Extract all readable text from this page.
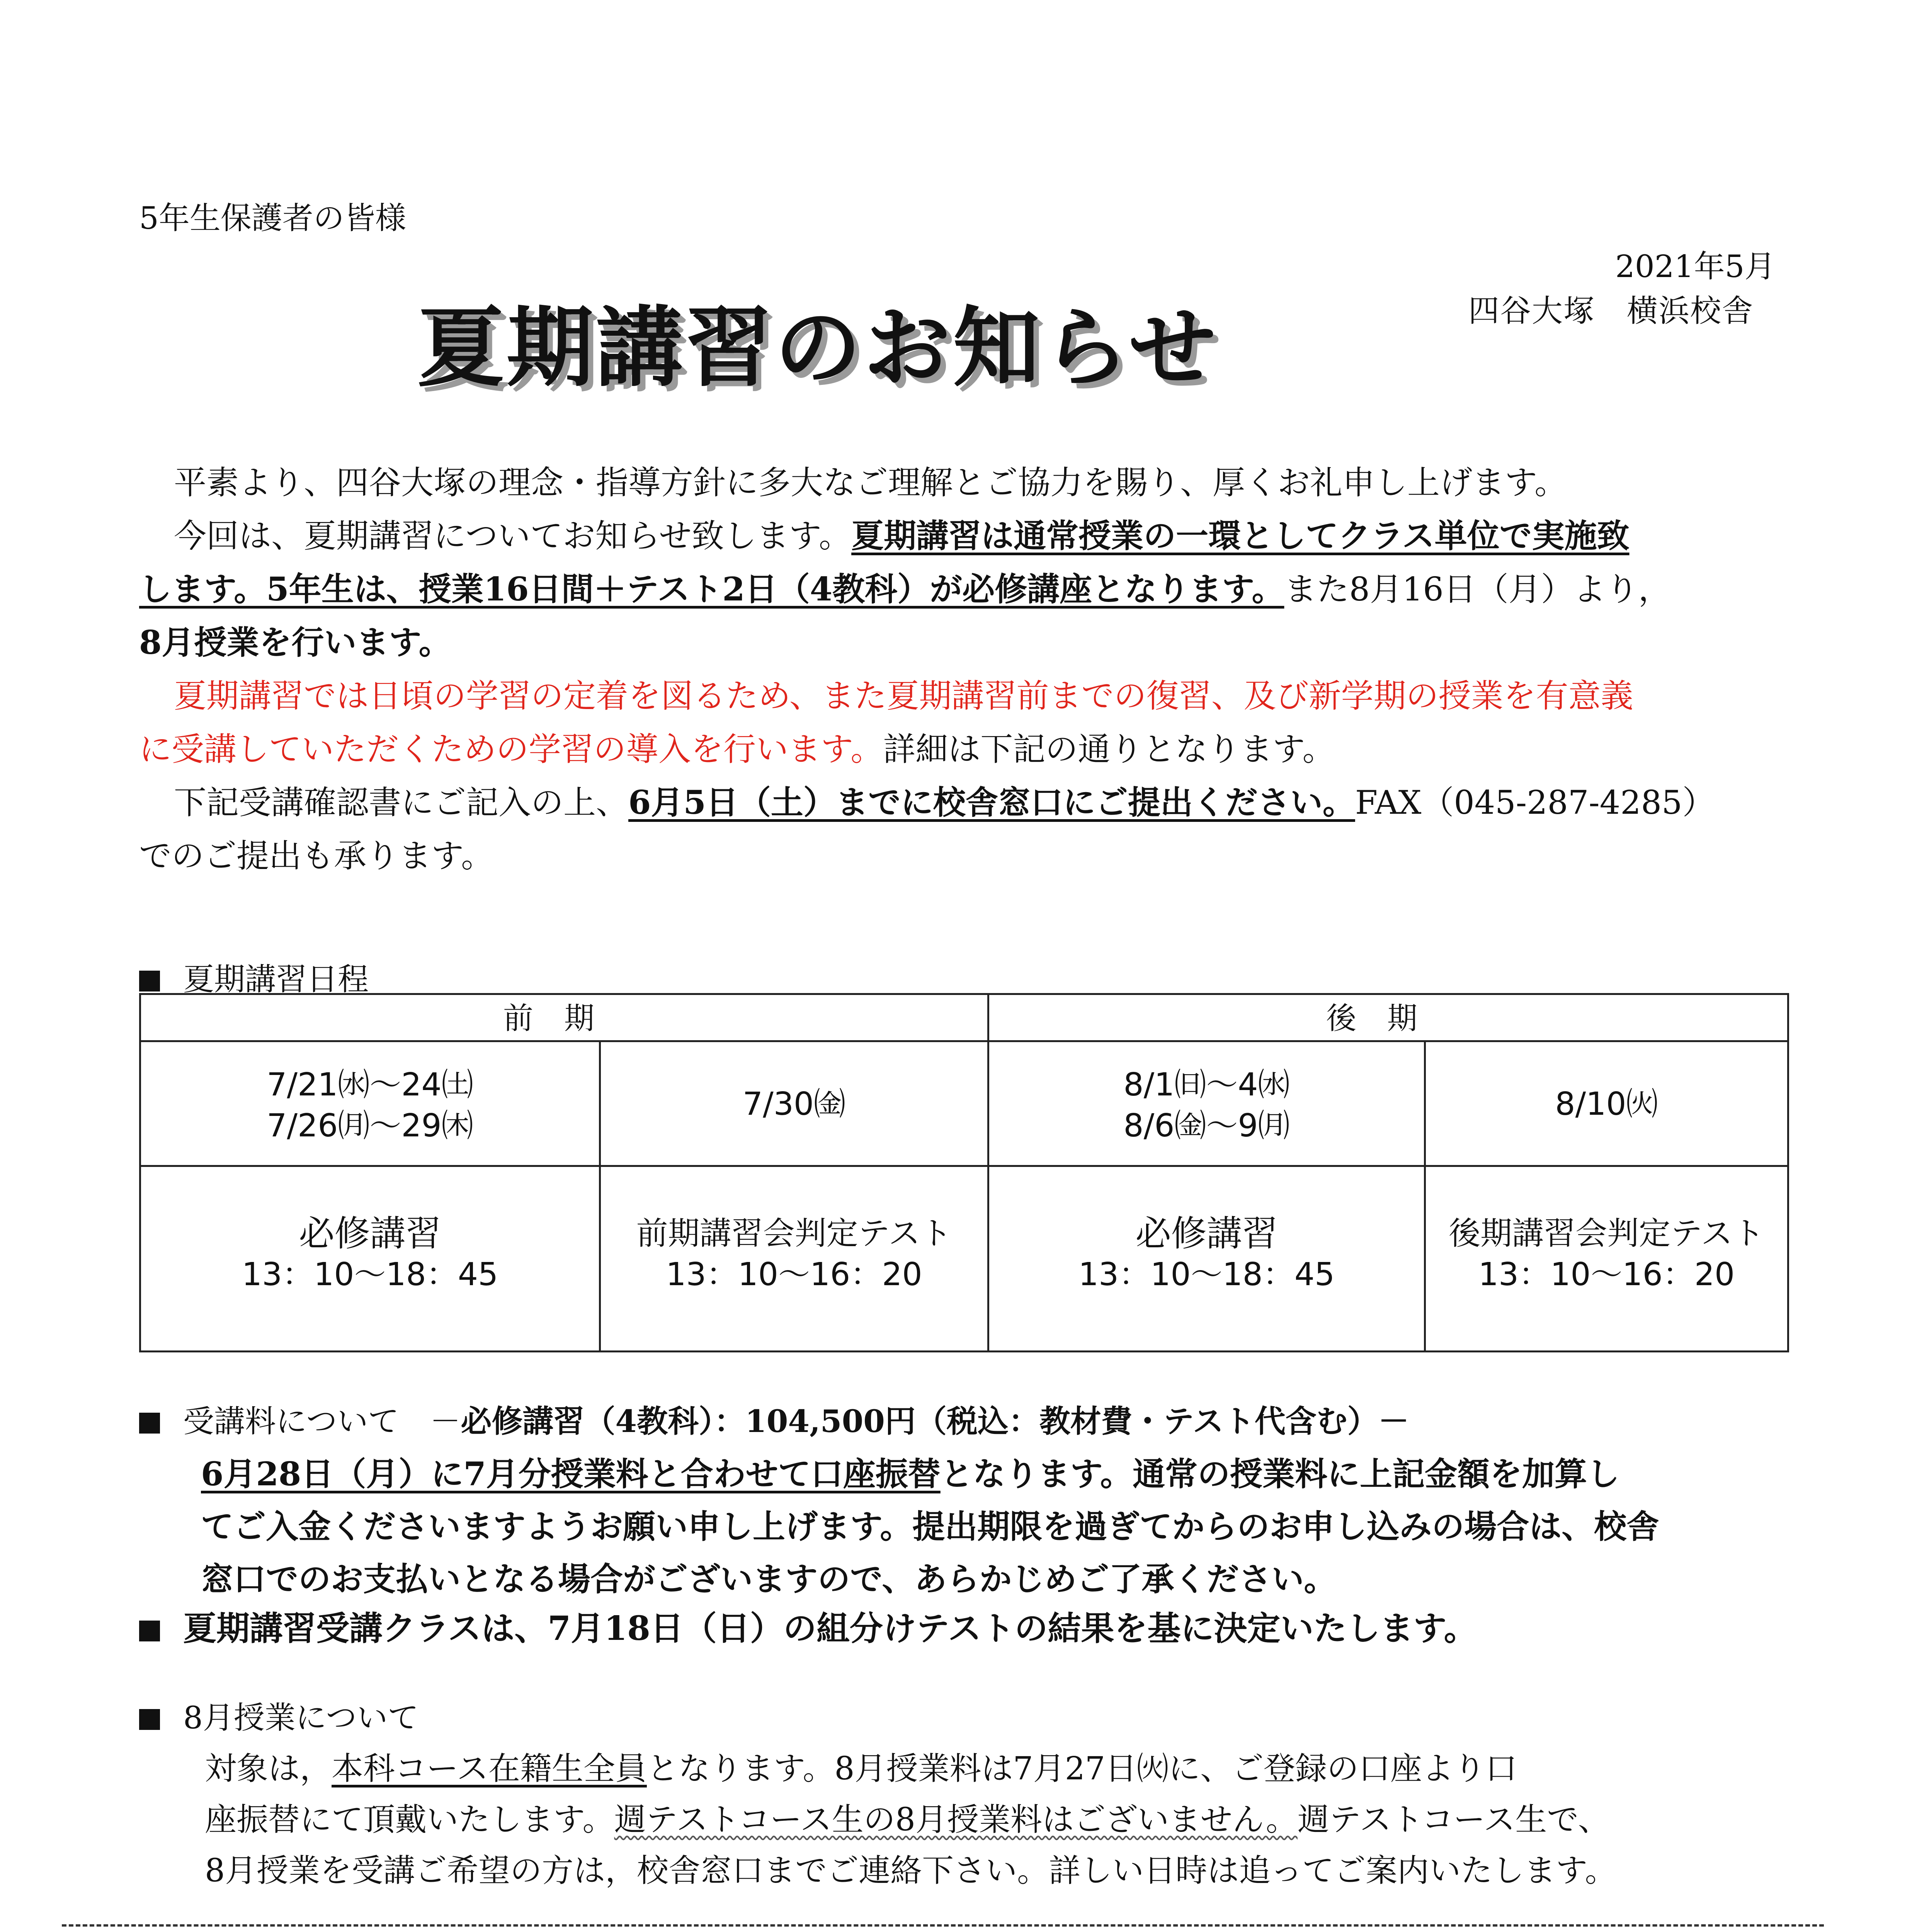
5年生保護者の皆様
2021年5月
四谷大塚　横浜校舎
夏期講習のお知らせ

平素より、四谷大塚の理念・指導方針に多大なご理解とご協力を賜り、厚くお礼申し上げます。

今回は、夏期講習についてお知らせ致します。夏期講習は通常授業の一環としてクラス単位で実施致

します。5年生は、授業16日間＋テスト2日（4教科）が必修講座となります。また8月16日（月）より，

8月授業を行います。

夏期講習では日頃の学習の定着を図るため、また夏期講習前までの復習、及び新学期の授業を有意義

に受講していただくための学習の導入を行います。詳細は下記の通りとなります。

下記受講確認書にご記入の上、6月5日（土）までに校舎窓口にご提出ください。FAX（045-287-4285）

でのご提出も承ります。

夏期講習日程
前期	後期
7/21㈬～24㈯
7/26㈪～29㈭
7/30㈮
8/1㈰～4㈬
8/6㈮～9㈪
8/10㈫
必修講習
13：10～18：45
前期講習会判定テスト
13：10～16：20
必修講習
13：10～18：45
後期講習会判定テスト
13：10～16：20

受講料について　－必修講習（4教科）：104,500円（税込：教材費・テスト代含む）－

6月28日（月）に7月分授業料と合わせて口座振替となります。通常の授業料に上記金額を加算し

てご入金くださいますようお願い申し上げます。提出期限を過ぎてからのお申し込みの場合は、校舎

窓口でのお支払いとなる場合がございますので、あらかじめご了承ください。

夏期講習受講クラスは、7月18日（日）の組分けテストの結果を基に決定いたします。

8月授業について

対象は，本科コース在籍生全員となります。8月授業料は7月27日㈫に、ご登録の口座より口

座振替にて頂戴いたします。週テストコース生の8月授業料はございません。週テストコース生で、

8月授業を受講ご希望の方は，校舎窓口までご連絡下さい。詳しい日時は追ってご案内いたします。
